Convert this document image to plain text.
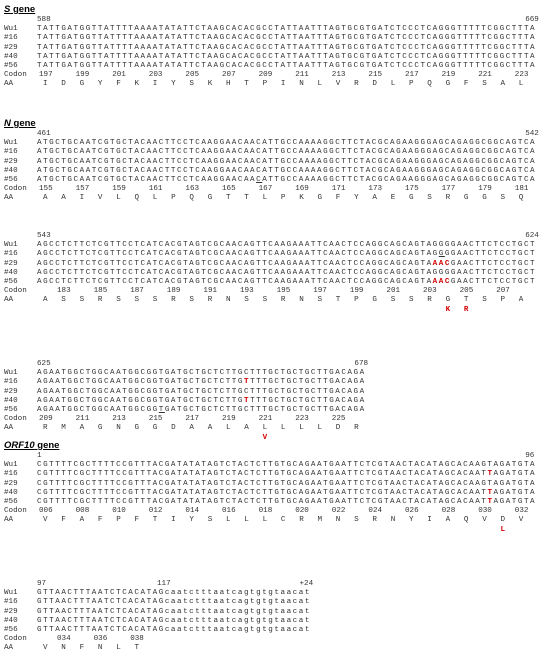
S gene
588	669
Wu1	TATTGATGGTTATTTTAAAATATATTCTAAGCACACGCCTATTAATTTAGTGCGTGATCTCCCTCAGGGTTTTTCGGCTTTA
#16	TATTGATGGTTATTTTAAAATATATTCTAAGCACACGCCTATTAATTTAGTGCGTGATCTCCCTCAGGGTTTTTCGGCTTTA
#29	TATTGATGGTTATTTTAAAATATATTCTAAGCACACGCCTATTAATTTAGTGCGTGATCTCCCTCAGGGTTTTTCGGCTTTA
#40	TATTGATGGTTATTTTAAAATATATTCTAAGCACACGCCTATTAATTTAGTGCGTGATCTCCCTCAGGGTTTTTCGGCTTTA
#56	TATTGATGGTTATTTTAAAATATATTCTAAGCACACGCCTATTAATTTAGTGCGTGATCTCCCTCAGGGTTTTTCGGCTTTA
Codon	197	199	201	203	205	207	209	211	213	215	217	219	221	223
AA	I D G Y F K I Y S K H T P I N L V R D L P Q G F S A L
N gene
461	542
Wu1	ATGCTGCAATCGTGCTACAACTTCCTCAAGGAACAACATTGCCAAAAGGCTTCTACGCAGAAGGGAGCAGAGGCGGCAGTCA
#16	ATGCTGCAATCGTGCTACAACTTCCTCAAGGAACAACATTGCCAAAAGGCTTCTACGCAGAAGGGAGCAGAGGCGGCAGTCA
#29	ATGCTGCAATCGTGCTACAACTTCCTCAAGGAACAACATTGCCAAAAGGCTTCTACGCAGAAGGGAGCAGAGGCGGCAGTCA
#40	ATGCTGCAATCGTGCTACAACTTCCTCAAGGAACAACATTGCCAAAAGGCTTCTACGCAGAAGGGAGCAGAGGCGGCAGTCA
#56	ATGCTGCAATCGTGCTACAACTTCCTCAAGGAACAACATTGCCAAAAGGCTTCTACGCAGAAGGGAGCAGAGGCGGCAGTCA
Codon	155	157	159	161	163	165	167	169	171	173	175	177	179	181
AA	A A I V L Q L P Q G T T L P K G F Y A E G S R G G S Q
543	624
Wu1	AGCCTCTTCTCGTTCCTCATCACGTAGTCGCAACAGTTCAAGAAATTCAACTCCAGGCAGCAGTAGGGGAACTTCTCCTGCT
#16	AGCCTCTTCTCGTTCCTCATCACGTAGTCGCAACAGTTCAAGAAATTCAACTCCAGGCAGCAGTAGGGGAACTTCTCCTGCT
#29	AGCCTCTTCTCGTTCCTCATCACGTAGTCGCAACAGTTCAAGAAATTCAACTCCAGGCAGCAGTAAACGAACTTCTCCTGCT
#40	AGCCTCTTCTCGTTCCTCATCACGTAGTCGCAACAGTTCAAGAAATTCAACTCCAGGCAGCAGTAGGGGAACTTCTCCTGCT
#56	AGCCTCTTCTCGTTCCTCATCACGTAGTCGCAACAGTTCAAGAAATTCAACTCCAGGCAGCAGTAAACGAACTTCTCCTGCT
Codon	183	185	187	189	191	193	195	197	199	201	203	205	207
AA	A S S R S S S R S R N S S R N S T P G S S R G T S P A
K R
625	678
Wu1	AGAATGGCTGGCAATGGCGGTGATGCTGCTCTTGCTTTGCTGCTGCTTGACAGA
#16	AGAATGGCTGGCAATGGCGGTGATGCTGCTCTTGTTTTGCTGCTGCTTGACAGA
#29	AGAATGGCTGGCAATGGCGGTGATGCTGCTCTTGCTTTGCTGCTGCTTGACAGA
#40	AGAATGGCTGGCAATGGCGGTGATGCTGCTCTTGTTTTGCTGCTGCTTGACAGA
#56	AGAATGGCTGGCAATGGCGGTGATGCTGCTCTTGCTTTGCTGCTGCTTGACAGA
Codon	209	211	213	215	217	219	221	223	225
AA	R M A G N G G D A A L A L L L L D R
V
ORF10 gene
1	96
Wu1	CGTTTTCGCTTTTCCGTTTACGATATATAGTCTACTCTTGTGCAGAATGAATTCTCGTAACTACATAGCACAAGTAGATGTA
#16	CGTTTTCGCTTTTCCGTTTACGATATATAGTCTACTCTTGTGCAGAATGAATTCTCGTAACTACATAGCACAATTAGATGTA
#29	CGTTTTCGCTTTTCCGTTTACGATATATAGTCTACTCTTGTGCAGAATGAATTCTCGTAACTACATAGCACAAGTAGATGTA
#40	CGTTTTCGCTTTTCCGTTTACGATATATAGTCTACTCTTGTGCAGAATGAATTCTCGTAACTACATAGCACAATTAGATGTA
#56	CGTTTTCGCTTTTCCGTTTACGATATATAGTCTACTCTTGTGCAGAATGAATTCTCGTAACTACATAGCACAATTAGATGTA
Codon	006	008	010	012	014	016	018	020	022	024	026	028	030	032
AA	V F A F P F T I Y S L L L C R M N S R N Y I A Q V D V
L
97	117	+24
Wu1	GTTAACTTTAATCTCACATAGcaatctttaatcagtgtgtaacat
#16	GTTAACTTTAATCTCACATAGcaatctttaatcagtgtgtaacat
#29	GTTAACTTTAATCTCACATAGcaatctttaatcagtgtgtaacat
#40	GTTAACTTTAATCTCACATAGcaatctttaatcagtgtgtaacat
#56	GTTAACTTTAATCTCACATAGcaatctttaatcagtgtgtaacat
Codon	034	036	038
AA	V N F N L T
